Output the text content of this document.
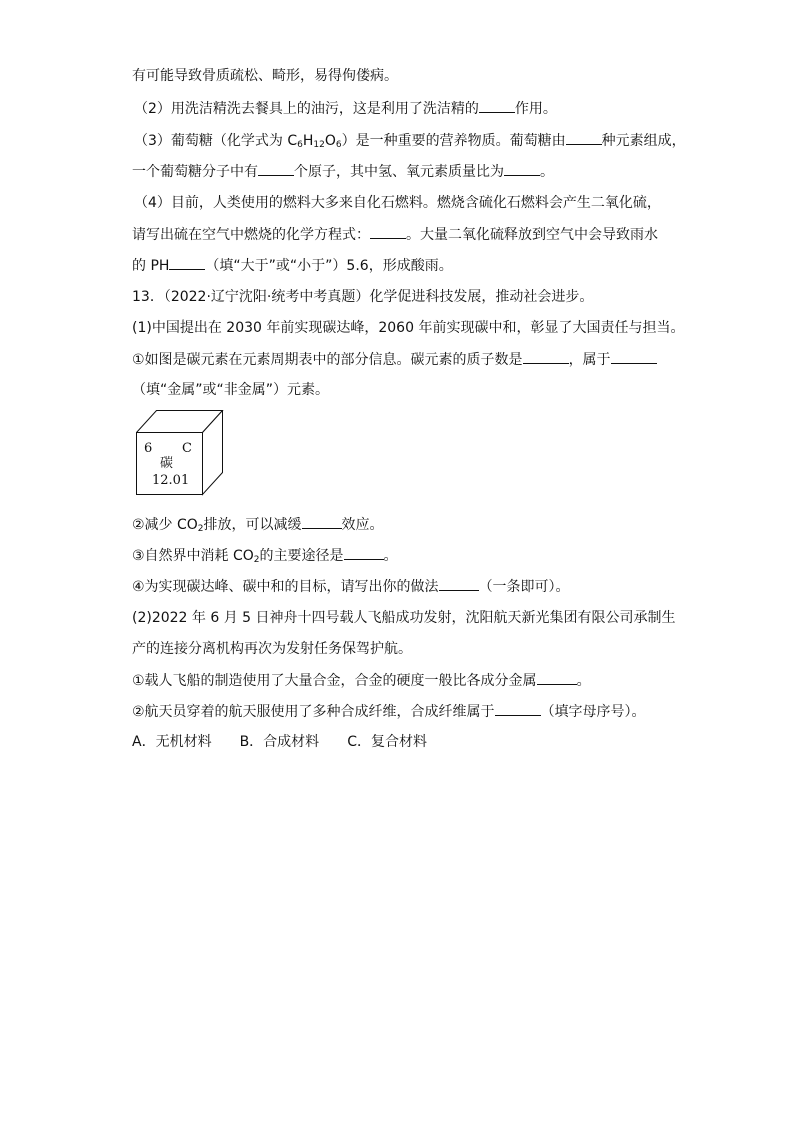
有可能导致骨质疏松、畸形，易得佝偻病。
（2）用洗洁精洗去餐具上的油污，这是利用了洗洁精的	作用。
（3）葡萄糖（化学式为 $C_6H_{12}O_6$）是一种重要的营养物质。葡萄糖由	种元素组成，
一个葡萄糖分子中有	个原子，其中氢、氧元素质量比为	。
（4）目前，人类使用的燃料大多来自化石燃料。燃烧含硫化石燃料会产生二氧化硫，
请写出硫在空气中燃烧的化学方程式：	。大量二氧化硫释放到空气中会导致雨水
的 PH	（填“大于”或“小于”）5.6，形成酸雨。
13．（2022·辽宁沈阳·统考中考真题）化学促进科技发展，推动社会进步。
(1)中国提出在 2030 年前实现碳达峰，2060 年前实现碳中和，彰显了大国责任与担当。
①如图是碳元素在元素周期表中的部分信息。碳元素的质子数是	，属于
（填“金属”或“非金属”）元素。
6 C
碳
12.01
②减少 $CO_2$排放，可以减缓	效应。
③自然界中消耗 $CO_2$的主要途径是	。
④为实现碳达峰、碳中和的目标，请写出你的做法	（一条即可）。
(2)2022 年 6 月 5 日神舟十四号载人飞船成功发射，沈阳航天新光集团有限公司承制生
产的连接分离机构再次为发射任务保驾护航。
①载人飞船的制造使用了大量合金，合金的硬度一般比各成分金属	。
②航天员穿着的航天服使用了多种合成纤维，合成纤维属于	（填字母序号）。
A．无机材料 B．合成材料 C．复合材料
